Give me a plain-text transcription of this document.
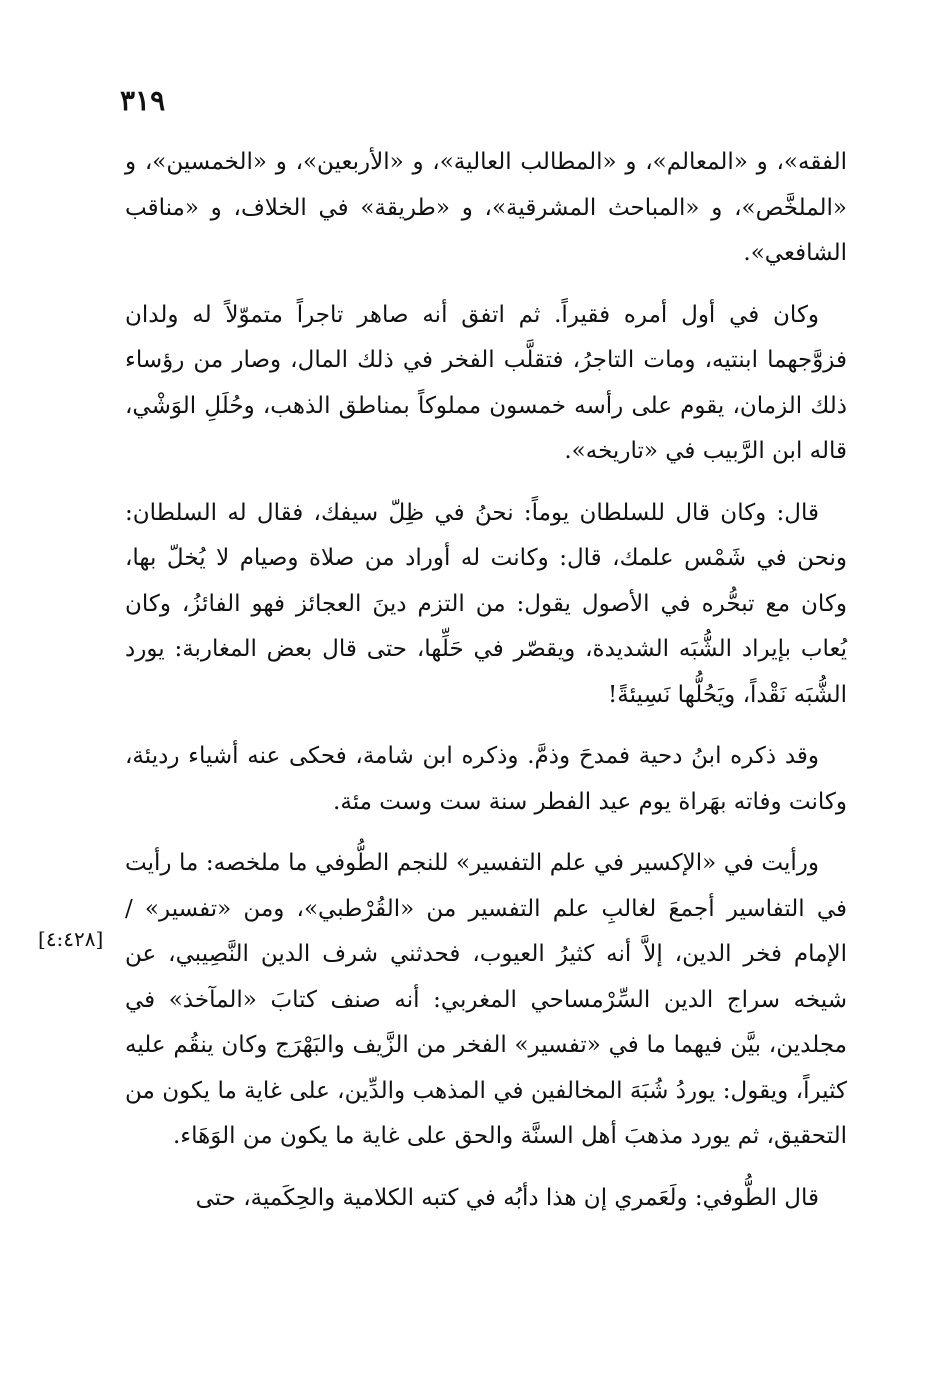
٣١٩
[٤:٤٢٨]

الفقه»، و «المعالم»، و «المطالب العالية»، و «الأربعين»، و «الخمسين»، و «الملخَّص»، و «المباحث المشرقية»، و «طريقة» في الخلاف، و «مناقب الشافعي».

وكان في أول أمره فقيراً. ثم اتفق أنه صاهر تاجراً متموّلاً له ولدان فزوَّجهما ابنتيه، ومات التاجرُ، فتقلَّب الفخر في ذلك المال، وصار من رؤساء ذلك الزمان، يقوم على رأسه خمسون مملوكاً بمناطق الذهب، وحُلَلِ الوَشْي، قاله ابن الرَّبيب في «تاريخه».

قال: وكان قال للسلطان يوماً: نحنُ في ظِلّ سيفك، فقال له السلطان: ونحن في شَمْس علمك، قال: وكانت له أوراد من صلاة وصيام لا يُخلّ بها، وكان مع تبحُّره في الأصول يقول: من التزم دينَ العجائز فهو الفائزُ، وكان يُعاب بإيراد الشُّبَه الشديدة، ويقصّر في حَلِّها، حتى قال بعض المغاربة: يورد الشُّبَه نَقْداً، ويَحُلُّها نَسِيئةً!

وقد ذكره ابنُ دحية فمدحَ وذمَّ. وذكره ابن شامة، فحكى عنه أشياء رديئة، وكانت وفاته بهَراة يوم عيد الفطر سنة ست وست مئة.

ورأيت في «الإكسير في علم التفسير» للنجم الطُّوفي ما ملخصه: ما رأيت في التفاسير أجمعَ لغالبِ علم التفسير من «القُرْطبي»، ومن «تفسير» / الإمام فخر الدين، إلاَّ أنه كثيرُ العيوب، فحدثني شرف الدين النَّصِيبي، عن شيخه سراج الدين السِّرْمساحي المغربي: أنه صنف كتابَ «المآخذ» في مجلدين، بيَّن فيهما ما في «تفسير» الفخر من الزَّيف والبَهْرَج وكان ينقُم عليه كثيراً، ويقول: يوردُ شُبَهَ المخالفين في المذهب والدِّين، على غاية ما يكون من التحقيق، ثم يورد مذهبَ أهل السنَّة والحق على غاية ما يكون من الوَهَاء.

قال الطُّوفي: ولَعَمري إن هذا دأبُه في كتبه الكلامية والحِكَمية، حتى
